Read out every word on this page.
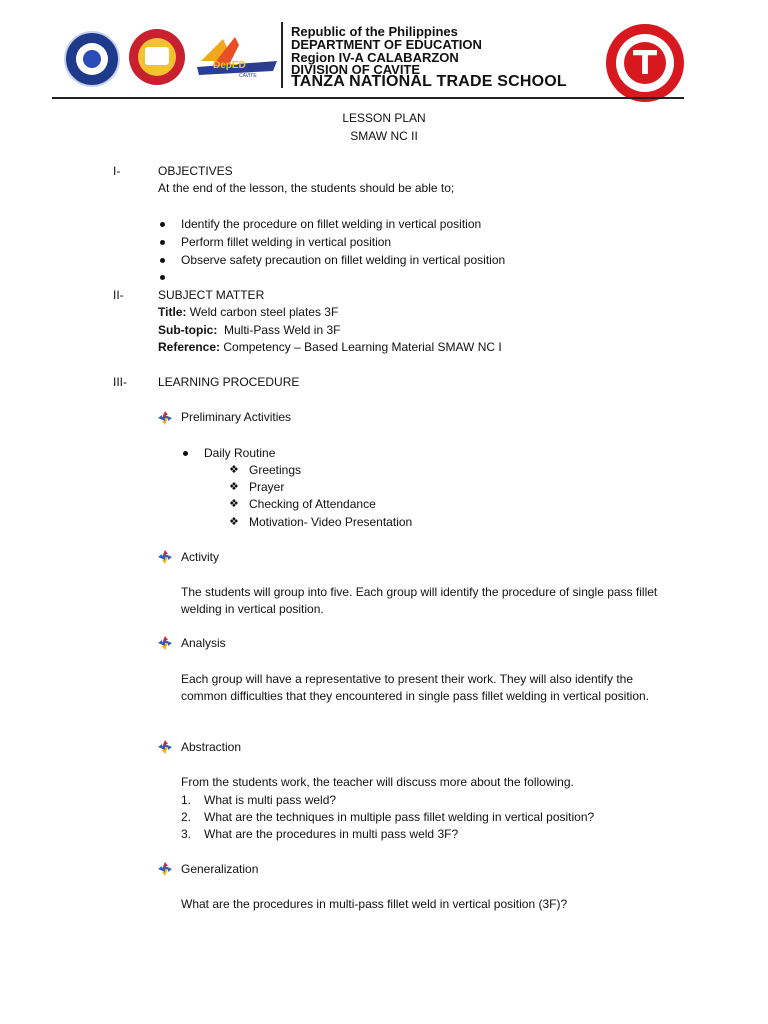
DepED
CAVITE
Republic of the Philippines
DEPARTMENT OF EDUCATION
Region IV-A CALABARZON
DIVISION OF CAVITE
TANZA NATIONAL TRADE SCHOOL
LESSON PLAN
SMAW NC II
I-	OBJECTIVES
At the end of the lesson, the students should be able to;
Identify the procedure on fillet welding in vertical position
Perform fillet welding in vertical position
Observe safety precaution on fillet welding in vertical position
II-	SUBJECT MATTER
Title: Weld carbon steel plates 3F
Sub-topic:  Multi-Pass Weld in 3F
Reference: Competency – Based Learning Material SMAW NC I
III-	LEARNING PROCEDURE
Preliminary Activities
Daily Routine
❖ Greetings
❖ Prayer
❖ Checking of Attendance
❖ Motivation- Video Presentation
Activity
The students will group into five. Each group will identify the procedure of single pass fillet welding in vertical position.
Analysis
Each group will have a representative to present their work. They will also identify the common difficulties that they encountered in single pass fillet welding in vertical position.
Abstraction
From the students work, the teacher will discuss more about the following.
1. What is multi pass weld?
2. What are the techniques in multiple pass fillet welding in vertical position?
3. What are the procedures in multi pass weld 3F?
Generalization
What are the procedures in multi-pass fillet weld in vertical position (3F)?
